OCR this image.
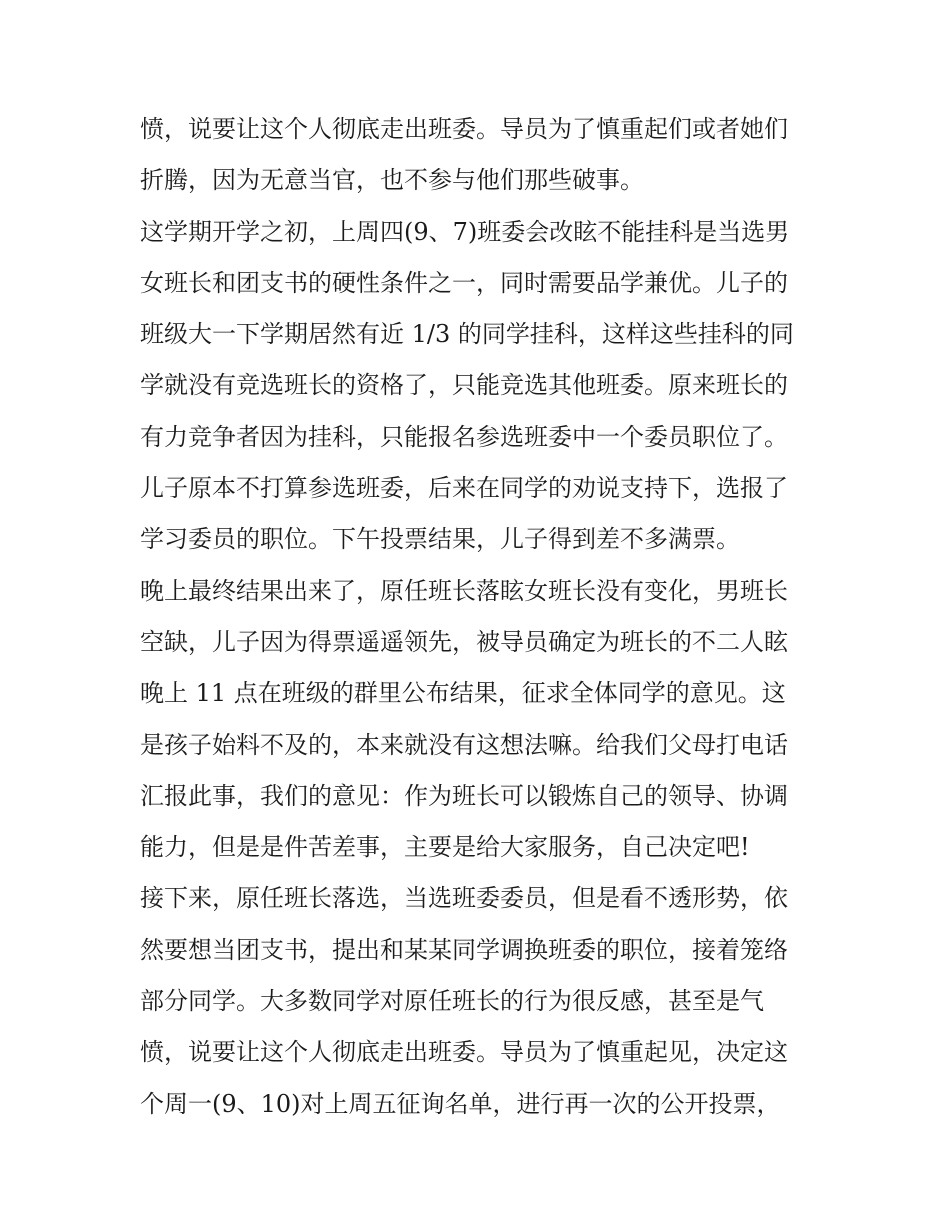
愤，说要让这个人彻底走出班委。导员为了慎重起们或者她们
折腾，因为无意当官，也不参与他们那些破事。
这学期开学之初，上周四(9、7)班委会改眩不能挂科是当选男
女班长和团支书的硬性条件之一，同时需要品学兼优。儿子的
班级大一下学期居然有近 1/3 的同学挂科，这样这些挂科的同
学就没有竞选班长的资格了，只能竞选其他班委。原来班长的
有力竞争者因为挂科，只能报名参选班委中一个委员职位了。
儿子原本不打算参选班委，后来在同学的劝说支持下，选报了
学习委员的职位。下午投票结果，儿子得到差不多满票。
晚上最终结果出来了，原任班长落眩女班长没有变化，男班长
空缺，儿子因为得票遥遥领先，被导员确定为班长的不二人眩
晚上 11 点在班级的群里公布结果，征求全体同学的意见。这
是孩子始料不及的，本来就没有这想法嘛。给我们父母打电话
汇报此事，我们的意见：作为班长可以锻炼自己的领导、协调
能力，但是是件苦差事，主要是给大家服务，自己决定吧!
接下来，原任班长落选，当选班委委员，但是看不透形势，依
然要想当团支书，提出和某某同学调换班委的职位，接着笼络
部分同学。大多数同学对原任班长的行为很反感，甚至是气
愤，说要让这个人彻底走出班委。导员为了慎重起见，决定这
个周一(9、10)对上周五征询名单，进行再一次的公开投票，
